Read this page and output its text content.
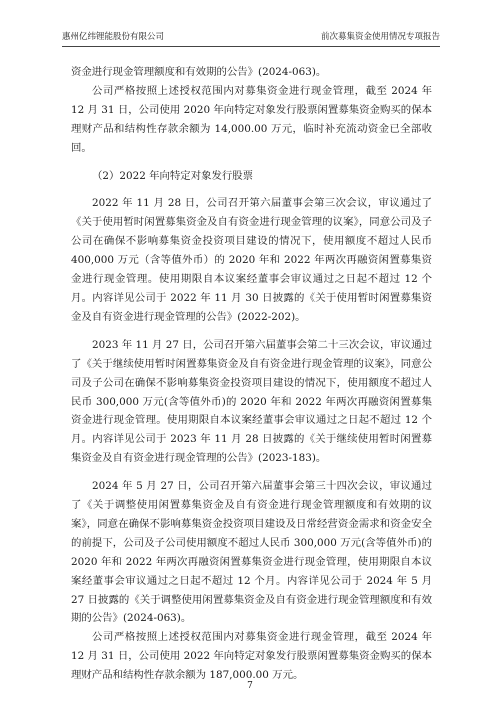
惠州亿纬锂能股份有限公司	前次募集资金使用情况专项报告

资金进行现金管理额度和有效期的公告》(2024-063)。

公司严格按照上述授权范围内对募集资金进行现金管理，截至 2024 年 12 月 31 日，公司使用 2020 年向特定对象发行股票闲置募集资金购买的保本理财产品和结构性存款余额为 14,000.00 万元，临时补充流动资金已全部收回。

（2）2022 年向特定对象发行股票

2022 年 11 月 28 日，公司召开第六届董事会第三次会议，审议通过了《关于使用暂时闲置募集资金及自有资金进行现金管理的议案》，同意公司及子公司在确保不影响募集资金投资项目建设的情况下，使用额度不超过人民币 400,000 万元（含等值外币）的 2020 年和 2022 年两次再融资闲置募集资金进行现金管理。使用期限自本议案经董事会审议通过之日起不超过 12 个月。内容详见公司于 2022 年 11 月 30 日披露的《关于使用暂时闲置募集资金及自有资金进行现金管理的公告》(2022-202)。

2023 年 11 月 27 日，公司召开第六届董事会第二十三次会议，审议通过了《关于继续使用暂时闲置募集资金及自有资金进行现金管理的议案》，同意公司及子公司在确保不影响募集资金投资项目建设的情况下，使用额度不超过人民币 300,000 万元(含等值外币)的 2020 年和 2022 年两次再融资闲置募集资金进行现金管理。使用期限自本议案经董事会审议通过之日起不超过 12 个月。内容详见公司于 2023 年 11 月 28 日披露的《关于继续使用暂时闲置募集资金及自有资金进行现金管理的公告》(2023-183)。

2024 年 5 月 27 日，公司召开第六届董事会第三十四次会议，审议通过了《关于调整使用闲置募集资金及自有资金进行现金管理额度和有效期的议案》，同意在确保不影响募集资金投资项目建设及日常经营资金需求和资金安全的前提下，公司及子公司使用额度不超过人民币 300,000 万元(含等值外币)的 2020 年和 2022 年两次再融资闲置募集资金进行现金管理，使用期限自本议案经董事会审议通过之日起不超过 12 个月。内容详见公司于 2024 年 5 月 27 日披露的《关于调整使用闲置募集资金及自有资金进行现金管理额度和有效期的公告》(2024-063)。

公司严格按照上述授权范围内对募集资金进行现金管理，截至 2024 年 12 月 31 日，公司使用 2022 年向特定对象发行股票闲置募集资金购买的保本理财产品和结构性存款余额为 187,000.00 万元。

7
